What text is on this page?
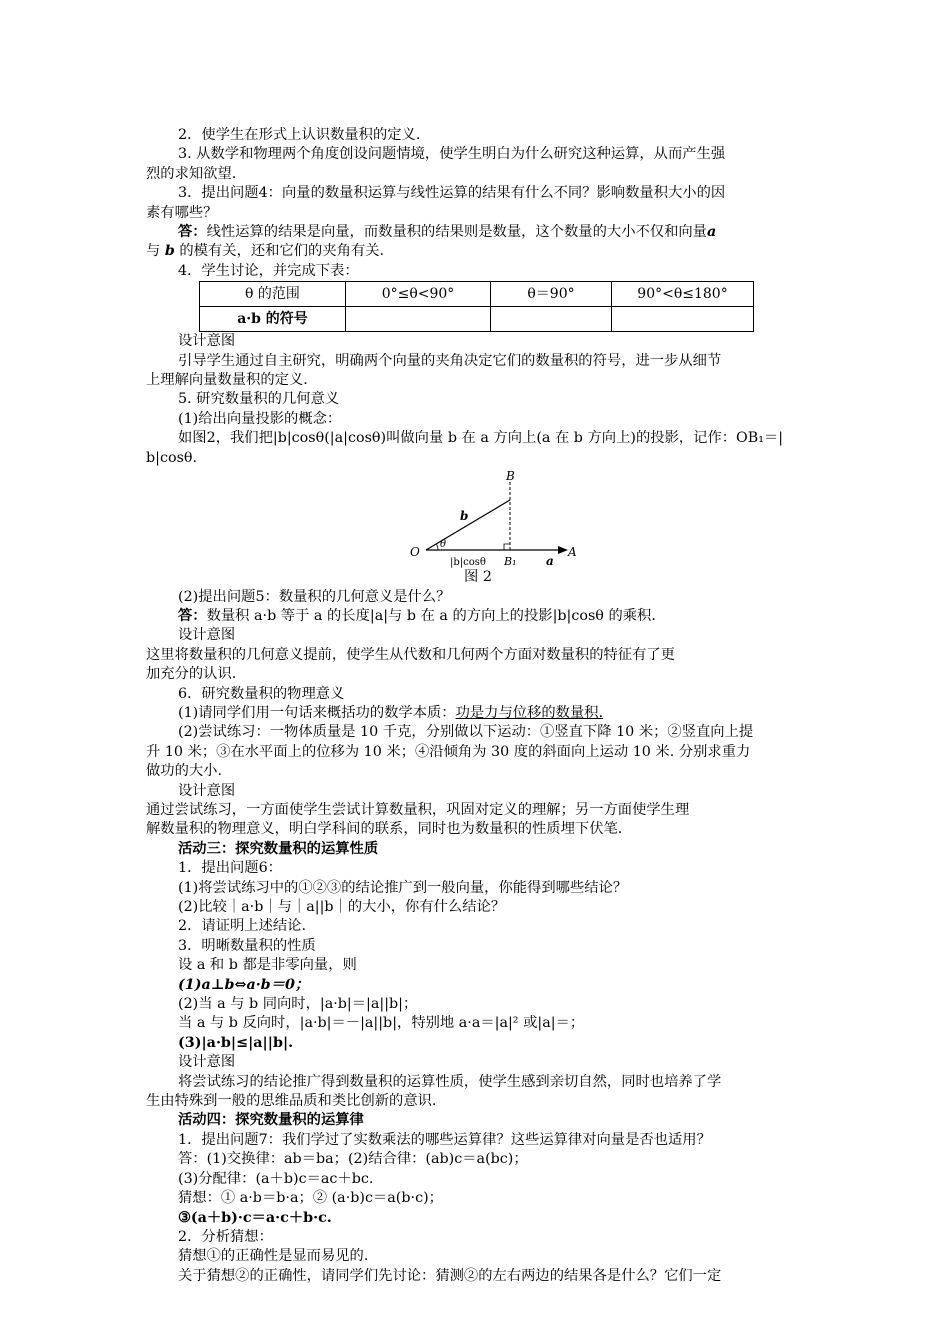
2．使学生在形式上认识数量积的定义.

3. 从数学和物理两个角度创设问题情境，使学生明白为什么研究这种运算，从而产生强

烈的求知欲望.

3．提出问题4：向量的数量积运算与线性运算的结果有什么不同？影响数量积大小的因

素有哪些？

答：线性运算的结果是向量，而数量积的结果则是数量，这个数量的大小不仅和向量a

与 b 的模有关，还和它们的夹角有关.

4．学生讨论，并完成下表：

θ 的范围	0°≤θ<90°	θ＝90°	90°<θ≤180°
a·b 的符号			

设计意图

引导学生通过自主研究，明确两个向量的夹角决定它们的数量积的符号，进一步从细节

上理解向量数量积的定义.

5. 研究数量积的几何意义

(1)给出向量投影的概念：

如图2，我们把|b|cosθ(|a|cosθ)叫做向量 b 在 a 方向上(a 在 b 方向上)的投影，记作：OB₁＝|

b|cosθ.

O	A
B
B₁
b
a
θ
|b|cosθ

图 2

(2)提出问题5：数量积的几何意义是什么？

答：数量积 a·b 等于 a 的长度|a|与 b 在 a 的方向上的投影|b|cosθ 的乘积.

设计意图

这里将数量积的几何意义提前，使学生从代数和几何两个方面对数量积的特征有了更

加充分的认识.

6．研究数量积的物理意义

(1)请同学们用一句话来概括功的数学本质：功是力与位移的数量积.

(2)尝试练习：一物体质量是 10 千克，分别做以下运动：①竖直下降 10 米；②竖直向上提

升 10 米；③在水平面上的位移为 10 米；④沿倾角为 30 度的斜面向上运动 10 米. 分别求重力

做功的大小.

设计意图

通过尝试练习，一方面使学生尝试计算数量积，巩固对定义的理解；另一方面使学生理

解数量积的物理意义，明白学科间的联系，同时也为数量积的性质埋下伏笔.

活动三：探究数量积的运算性质

1．提出问题6：

(1)将尝试练习中的①②③的结论推广到一般向量，你能得到哪些结论？

(2)比较｜a·b｜与｜a||b｜的大小，你有什么结论？

2．请证明上述结论.

3．明晰数量积的性质

设 a 和 b 都是非零向量，则

(1)a⊥b⇔a·b＝0；

(2)当 a 与 b 同向时，|a·b|＝|a||b|；

当 a 与 b 反向时，|a·b|＝－|a||b|，特别地 a·a＝|a|² 或|a|＝；

(3)|a·b|≤|a||b|.

设计意图

将尝试练习的结论推广得到数量积的运算性质，使学生感到亲切自然，同时也培养了学

生由特殊到一般的思维品质和类比创新的意识.

活动四：探究数量积的运算律

1．提出问题7：我们学过了实数乘法的哪些运算律？这些运算律对向量是否也适用？

答：(1)交换律：ab＝ba；(2)结合律：(ab)c＝a(bc)；

(3)分配律：(a＋b)c＝ac＋bc.

猜想：① a·b＝b·a；② (a·b)c＝a(b·c)；

③(a＋b)·c＝a·c＋b·c.

2．分析猜想：

猜想①的正确性是显而易见的.

关于猜想②的正确性，请同学们先讨论：猜测②的左右两边的结果各是什么？它们一定
